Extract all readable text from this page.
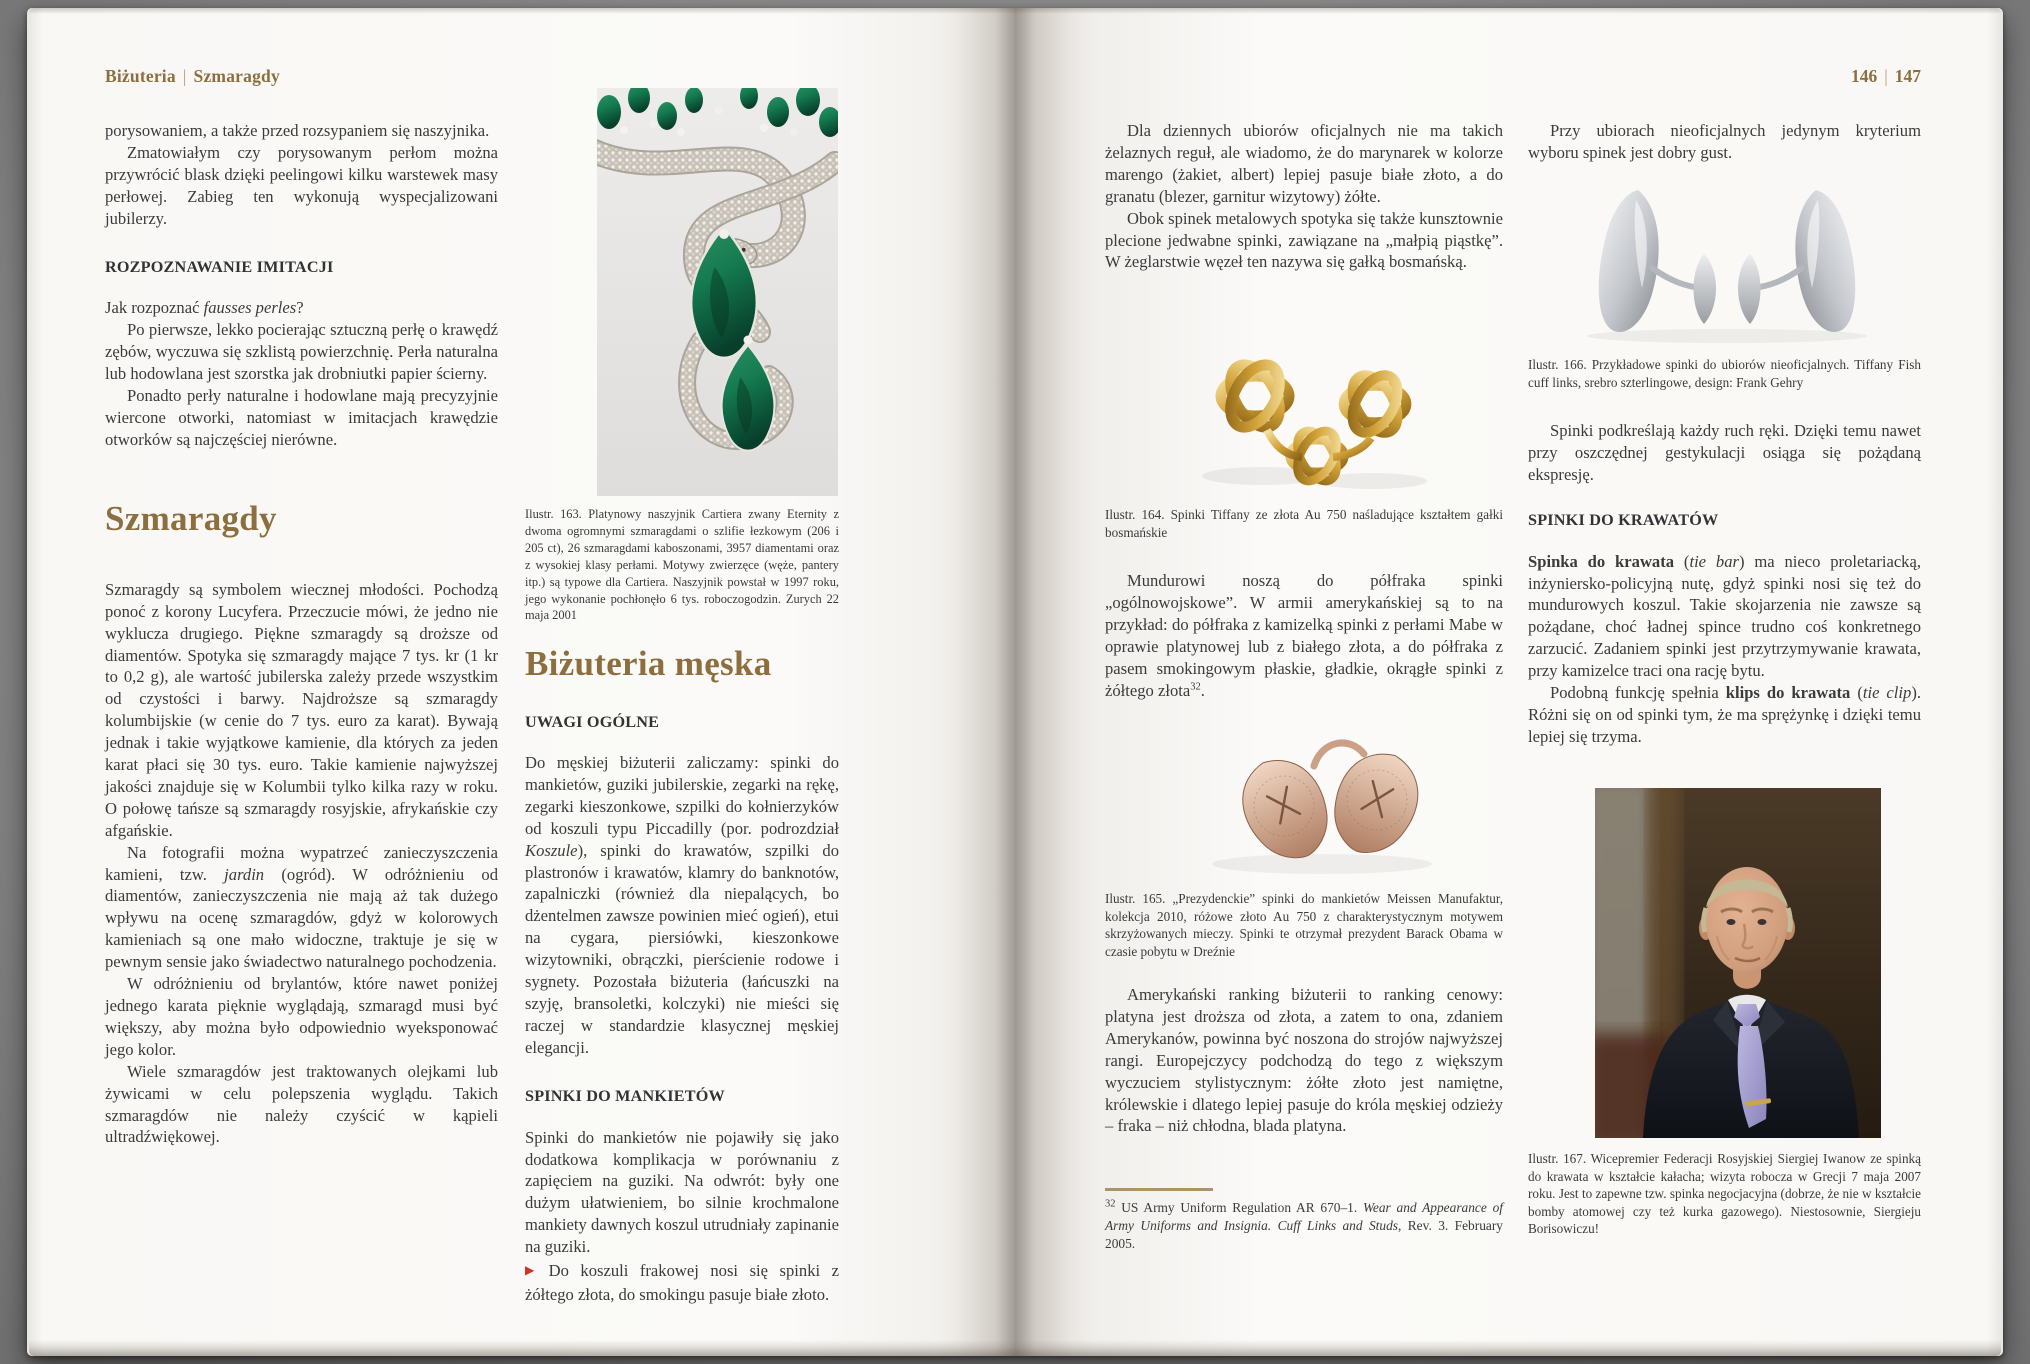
Biżuteria | Szmaragdy

porysowaniem, a także przed rozsypaniem się naszyjnika.

Zmatowiałym czy porysowanym perłom można przywrócić blask dzięki peelingowi kilku warstewek masy perłowej. Zabieg ten wykonują wyspecjalizowani jubilerzy.

ROZPOZNAWANIE IMITACJI

Jak rozpoznać fausses perles?

Po pierwsze, lekko pocierając sztuczną perłę o krawędź zębów, wyczuwa się szklistą powierzchnię. Perła naturalna lub hodowlana jest szorstka jak drobniutki papier ścierny.

Ponadto perły naturalne i hodowlane mają precyzyjnie wiercone otworki, natomiast w imitacjach krawędzie otworków są najczęściej nierówne.

Szmaragdy

Szmaragdy są symbolem wiecznej młodości. Pochodzą ponoć z korony Lucyfera. Przeczucie mówi, że jedno nie wyklucza drugiego. Piękne szmaragdy są droższe od diamentów. Spotyka się szmaragdy mające 7 tys. kr (1 kr to 0,2 g), ale wartość jubilerska zależy przede wszystkim od czystości i barwy. Najdroższe są szmaragdy kolumbijskie (w cenie do 7 tys. euro za karat). Bywają jednak i takie wyjątkowe kamienie, dla których za jeden karat płaci się 30 tys. euro. Takie kamienie najwyższej jakości znajduje się w Kolumbii tylko kilka razy w roku. O połowę tańsze są szmaragdy rosyjskie, afrykańskie czy afgańskie.

Na fotografii można wypatrzeć zanieczyszczenia kamieni, tzw. jardin (ogród). W odróżnieniu od diamentów, zanieczyszczenia nie mają aż tak dużego wpływu na ocenę szmaragdów, gdyż w kolorowych kamieniach są one mało widoczne, traktuje je się w pewnym sensie jako świadectwo naturalnego pochodzenia.

W odróżnieniu od brylantów, które nawet poniżej jednego karata pięknie wyglądają, szmaragd musi być większy, aby można było odpowiednio wyeksponować jego kolor.

Wiele szmaragdów jest traktowanych olejkami lub żywicami w celu polepszenia wyglądu. Takich szmaragdów nie należy czyścić w kąpieli ultradźwiękowej.

Ilustr. 163. Platynowy naszyjnik Cartiera zwany Eternity z dwoma ogromnymi szmaragdami o szlifie łezkowym (206 i 205 ct), 26 szmaragdami kaboszonami, 3957 diamentami oraz z wysokiej klasy perłami. Motywy zwierzęce (węże, pantery itp.) są typowe dla Cartiera. Naszyjnik powstał w 1997 roku, jego wykonanie pochłonęło 6 tys. roboczogodzin. Zurych 22 maja 2001
Biżuteria męska
UWAGI OGÓLNE

Do męskiej biżuterii zaliczamy: spinki do mankietów, guziki jubilerskie, zegarki na rękę, zegarki kieszonkowe, szpilki do kołnierzyków od koszuli typu Piccadilly (por. podrozdział Koszule), spinki do krawatów, szpilki do plastronów i krawatów, klamry do banknotów, zapalniczki (również dla niepalących, bo dżentelmen zawsze powinien mieć ogień), etui na cygara, piersiówki, kieszonkowe wizytowniki, obrączki, pierścienie rodowe i sygnety. Pozostała biżuteria (łańcuszki na szyję, bransoletki, kolczyki) nie mieści się raczej w standardzie klasycznej męskiej elegancji.

SPINKI DO MANKIETÓW

Spinki do mankietów nie pojawiły się jako dodatkowa komplikacja w porównaniu z zapięciem na guziki. Na odwrót: były one dużym ułatwieniem, bo silnie krochmalone mankiety dawnych koszul utrudniały zapinanie na guziki.

▶ Do koszuli frakowej nosi się spinki z żółtego złota, do smokingu pasuje białe złoto.

146 | 147

Dla dziennych ubiorów oficjalnych nie ma takich żelaznych reguł, ale wiadomo, że do marynarek w kolorze marengo (żakiet, albert) lepiej pasuje białe złoto, a do granatu (blezer, garnitur wizytowy) żółte.

Obok spinek metalowych spotyka się także kunsztownie plecione jedwabne spinki, zawiązane na „małpią piąstkę”. W żeglarstwie węzeł ten nazywa się gałką bosmańską.

Ilustr. 164. Spinki Tiffany ze złota Au 750 naśladujące kształtem gałki bosmańskie

Mundurowi noszą do półfraka spinki „ogólnowojskowe”. W armii amerykańskiej są to na przykład: do półfraka z kamizelką spinki z perłami Mabe w oprawie platynowej lub z białego złota, a do półfraka z pasem smokingowym płaskie, gładkie, okrągłe spinki z żółtego złota$^{32}$.

Ilustr. 165. „Prezydenckie” spinki do mankietów Meissen Manufaktur, kolekcja 2010, różowe złoto Au 750 z charakterystycznym motywem skrzyżowanych mieczy. Spinki te otrzymał prezydent Barack Obama w czasie pobytu w Dreźnie

Amerykański ranking biżuterii to ranking cenowy: platyna jest droższa od złota, a zatem to ona, zdaniem Amerykanów, powinna być noszona do strojów najwyższej rangi. Europejczycy podchodzą do tego z większym wyczuciem stylistycznym: żółte złoto jest namiętne, królewskie i dlatego lepiej pasuje do króla męskiej odzieży – fraka – niż chłodna, blada platyna.

$^{32}$ US Army Uniform Regulation AR 670–1. Wear and Appearance of Army Uniforms and Insignia. Cuff Links and Studs, Rev. 3. February 2005.

Przy ubiorach nieoficjalnych jedynym kryterium wyboru spinek jest dobry gust.

Ilustr. 166. Przykładowe spinki do ubiorów nieoficjalnych. Tiffany Fish cuff links, srebro szterlingowe, design: Frank Gehry

Spinki podkreślają każdy ruch ręki. Dzięki temu nawet przy oszczędnej gestykulacji osiąga się pożądaną ekspresję.

SPINKI DO KRAWATÓW

Spinka do krawata (tie bar) ma nieco proletariacką, inżyniersko-policyjną nutę, gdyż spinki nosi się też do mundurowych koszul. Takie skojarzenia nie zawsze są pożądane, choć ładnej spince trudno coś konkretnego zarzucić. Zadaniem spinki jest przytrzymywanie krawata, przy kamizelce traci ona rację bytu.

Podobną funkcję spełnia klips do krawata (tie clip). Różni się on od spinki tym, że ma sprężynkę i dzięki temu lepiej się trzyma.

Ilustr. 167. Wicepremier Federacji Rosyjskiej Siergiej Iwanow ze spinką do krawata w kształcie kałacha; wizyta robocza w Grecji 7 maja 2007 roku. Jest to zapewne tzw. spinka negocjacyjna (dobrze, że nie w kształcie bomby atomowej czy też kurka gazowego). Niestosownie, Siergieju Borisowiczu!
